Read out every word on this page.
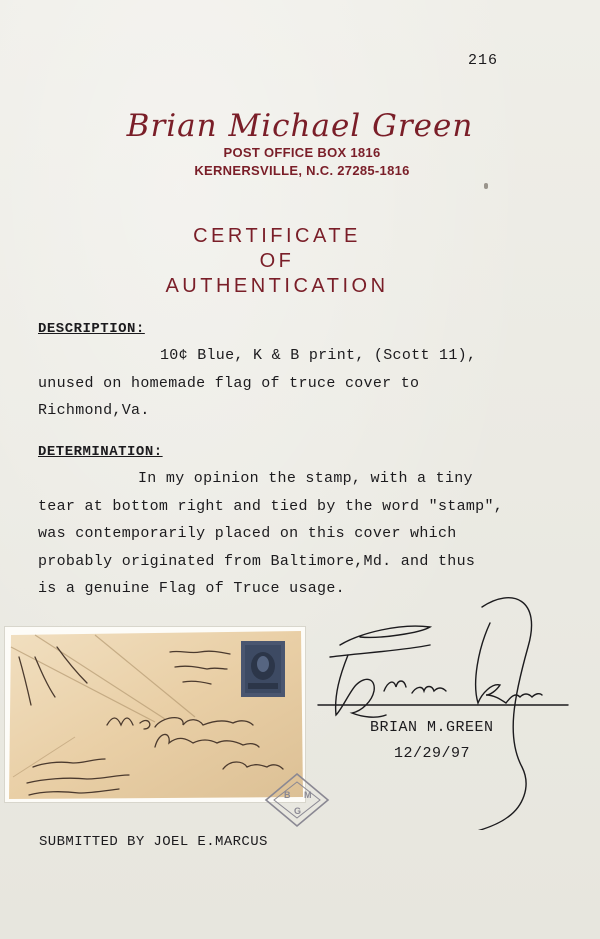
216
Brian Michael Green
POST OFFICE BOX 1816
KERNERSVILLE, N.C. 27285-1816
CERTIFICATE
OF
AUTHENTICATION
DESCRIPTION:
10¢ Blue, K & B print, (Scott 11),
unused on homemade flag of truce cover to
Richmond,Va.
DETERMINATION:
In my opinion the stamp, with a tiny
tear at bottom right and tied by the word "stamp",
was contemporarily placed on this cover which
probably originated from Baltimore,Md. and thus
is a genuine Flag of Truce usage.
BRIAN M.GREEN
12/29/97
B M
G
SUBMITTED BY JOEL E.MARCUS
